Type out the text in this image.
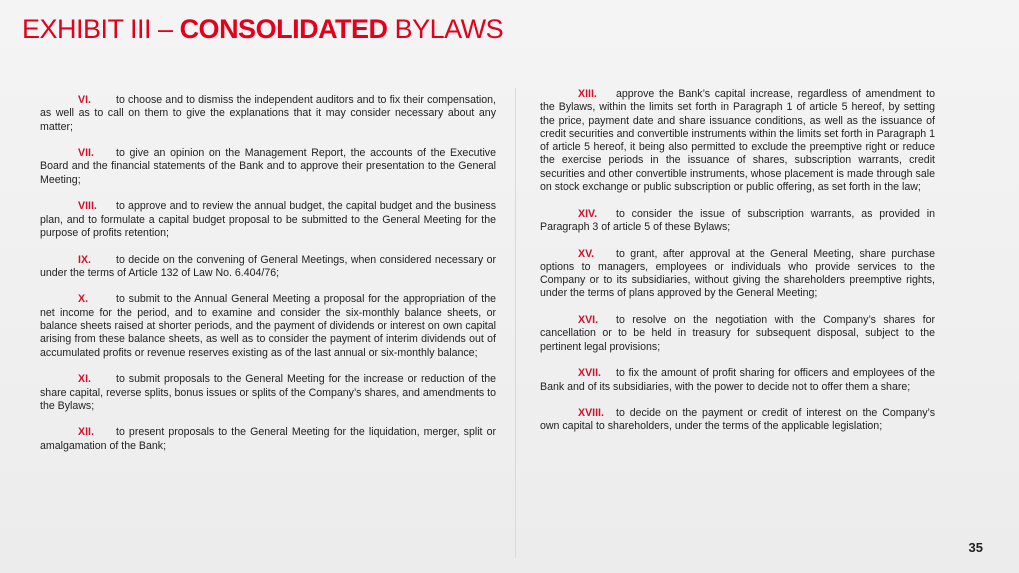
EXHIBIT III – CONSOLIDATED BYLAWS

VI. to choose and to dismiss the independent auditors and to fix their compensation, as well as to call on them to give the explanations that it may consider necessary about any matter;

VII. to give an opinion on the Management Report, the accounts of the Executive Board and the financial statements of the Bank and to approve their presentation to the General Meeting;

VIII. to approve and to review the annual budget, the capital budget and the business plan, and to formulate a capital budget proposal to be submitted to the General Meeting for the purpose of profits retention;

IX. to decide on the convening of General Meetings, when considered necessary or under the terms of Article 132 of Law No. 6.404/76;

X.	to submit to the Annual General Meeting a proposal for the appropriation of the net income for the period, and to examine and consider the six-monthly balance sheets, or balance sheets raised at shorter periods, and the payment of dividends or interest on own capital arising from these balance sheets, as well as to consider the payment of interim dividends out of accumulated profits or revenue reserves existing as of the last annual or six-monthly balance;

XI. to submit proposals to the General Meeting for the increase or reduction of the share capital, reverse splits, bonus issues or splits of the Company’s shares, and amendments to the Bylaws;

XII. to present proposals to the General Meeting for the liquidation, merger, split or amalgamation of the Bank;

XIII. approve the Bank’s capital increase, regardless of amendment to the Bylaws, within the limits set forth in Paragraph 1 of article 5 hereof, by setting the price, payment date and share issuance conditions, as well as the issuance of credit securities and convertible instruments within the limits set forth in Paragraph 1 of article 5 hereof, it being also permitted to exclude the preemptive right or reduce the exercise periods in the issuance of shares, subscription warrants, credit securities and other convertible instruments, whose placement is made through sale on stock exchange or public subscription or public offering, as set forth in the law;

XIV. to consider the issue of subscription warrants, as provided in Paragraph 3 of article 5 of these Bylaws;

XV. to grant, after approval at the General Meeting, share purchase options to managers, employees or individuals who provide services to the Company or to its subsidiaries, without giving the shareholders preemptive rights, under the terms of plans approved by the General Meeting;

XVI. to resolve on the negotiation with the Company’s shares for cancellation or to be held in treasury for subsequent disposal, subject to the pertinent legal provisions;

XVII. to fix the amount of profit sharing for officers and employees of the Bank and of its subsidiaries, with the power to decide not to offer them a share;

XVIII. to decide on the payment or credit of interest on the Company’s own capital to shareholders, under the terms of the applicable legislation;

35
